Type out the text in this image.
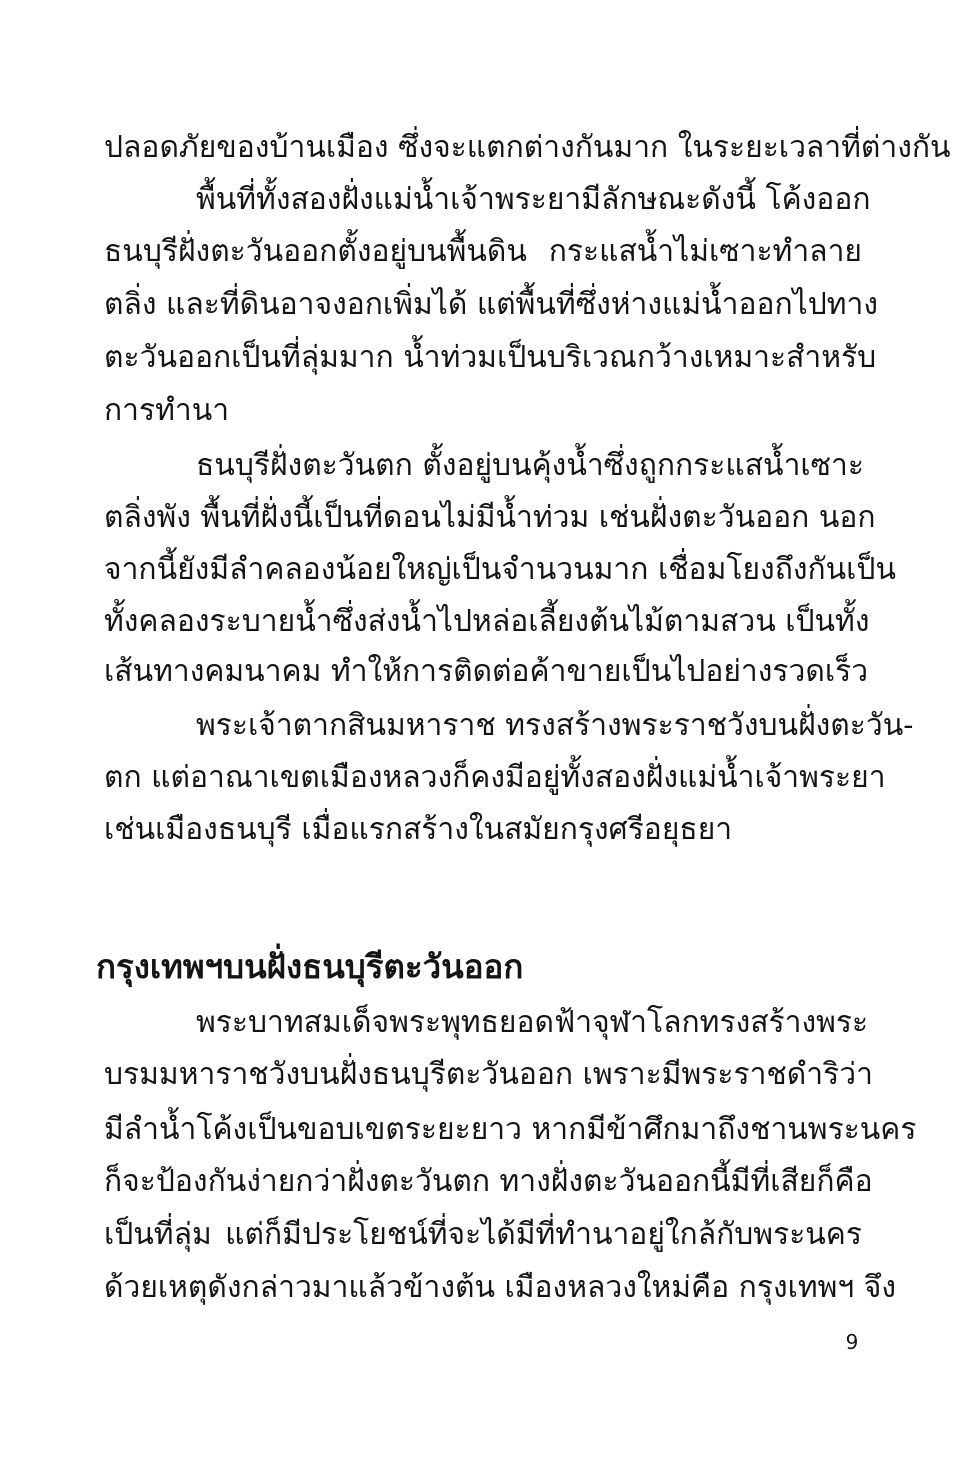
ปลอดภัยของบ้านเมือง ซึ่งจะแตกต่างกันมาก ในระยะเวลาที่ต่างกัน
พื้นที่ทั้งสองฝั่งแม่น้ำเจ้าพระยามีลักษณะดังนี้ โค้งออก
ธนบุรีฝั่งตะวันออกตั้งอยู่บนพื้นดิน กระแสน้ำไม่เซาะทำลาย
ตลิ่ง และที่ดินอาจงอกเพิ่มได้ แต่พื้นที่ซึ่งห่างแม่น้ำออกไปทาง
ตะวันออกเป็นที่ลุ่มมาก น้ำท่วมเป็นบริเวณกว้างเหมาะสำหรับ
การทำนา
ธนบุรีฝั่งตะวันตก ตั้งอยู่บนคุ้งน้ำซึ่งถูกกระแสน้ำเซาะ
ตลิ่งพัง พื้นที่ฝั่งนี้เป็นที่ดอนไม่มีน้ำท่วม เช่นฝั่งตะวันออก นอก
จากนี้ยังมีลำคลองน้อยใหญ่เป็นจำนวนมาก เชื่อมโยงถึงกันเป็น
ทั้งคลองระบายน้ำซึ่งส่งน้ำไปหล่อเลี้ยงต้นไม้ตามสวน เป็นทั้ง
เส้นทางคมนาคม ทำให้การติดต่อค้าขายเป็นไปอย่างรวดเร็ว
พระเจ้าตากสินมหาราช ทรงสร้างพระราชวังบนฝั่งตะวัน-
ตก แต่อาณาเขตเมืองหลวงก็คงมีอยู่ทั้งสองฝั่งแม่น้ำเจ้าพระยา
เช่นเมืองธนบุรี เมื่อแรกสร้างในสมัยกรุงศรีอยุธยา
กรุงเทพฯบนฝั่งธนบุรีตะวันออก
พระบาทสมเด็จพระพุทธยอดฟ้าจุฬาโลกทรงสร้างพระ
บรมมหาราชวังบนฝั่งธนบุรีตะวันออก เพราะมีพระราชดำริว่า
มีลำน้ำโค้งเป็นขอบเขตระยะยาว หากมีข้าศึกมาถึงชานพระนคร
ก็จะป้องกันง่ายกว่าฝั่งตะวันตก ทางฝั่งตะวันออกนี้มีที่เสียก็คือ
เป็นที่ลุ่ม แต่ก็มีประโยชน์ที่จะได้มีที่ทำนาอยู่ใกล้กับพระนคร
ด้วยเหตุดังกล่าวมาแล้วข้างต้น เมืองหลวงใหม่คือ กรุงเทพฯ จึง
9
